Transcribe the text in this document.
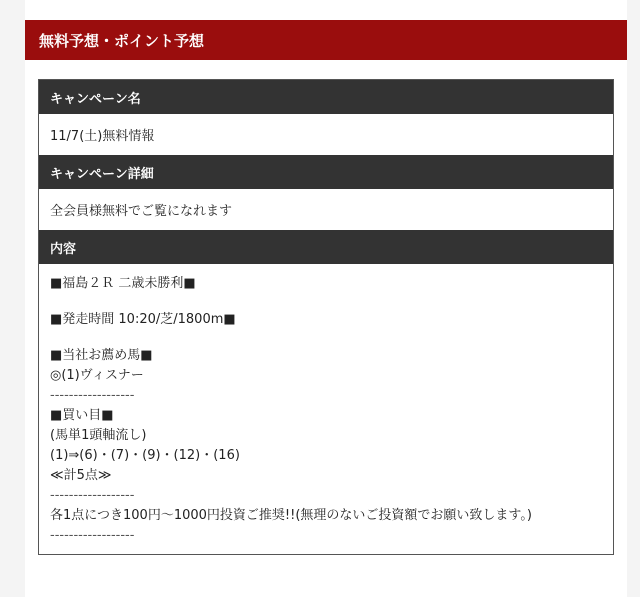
無料予想・ポイント予想
キャンペーン名
11/7(土)無料情報
キャンペーン詳細
全会員様無料でご覧になれます
内容
■福島２Ｒ 二歳未勝利■
■発走時間 10:20/芝/1800m■
■当社お薦め馬■
◎(1)ヴィスナー
------------------
■買い目■
(馬単1頭軸流し)
(1)⇒(6)・(7)・(9)・(12)・(16)
≪計5点≫
------------------
各1点につき100円〜1000円投資ご推奨!!(無理のないご投資額でお願い致します。)
------------------
